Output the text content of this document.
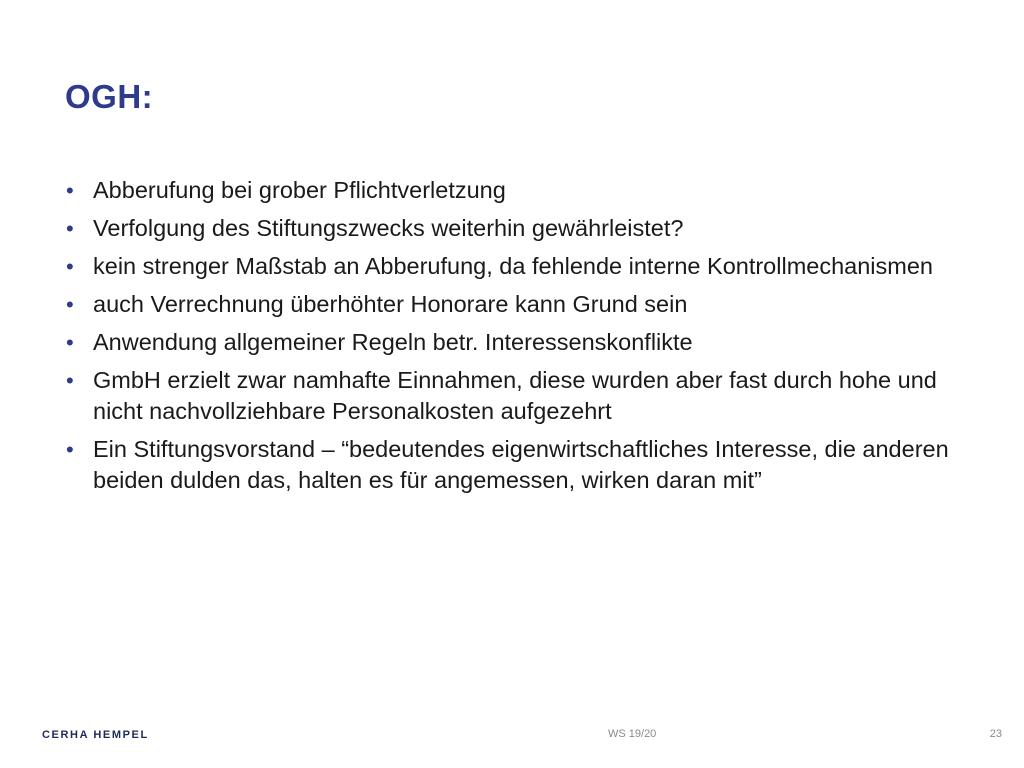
OGH:
• Abberufung bei grober Pflichtverletzung
• Verfolgung des Stiftungszwecks weiterhin gewährleistet?
• kein strenger Maßstab an Abberufung, da fehlende interne Kontrollmechanismen
• auch Verrechnung überhöhter Honorare kann Grund sein
• Anwendung allgemeiner Regeln betr. Interessenskonflikte
• GmbH erzielt zwar namhafte Einnahmen, diese wurden aber fast durch hohe und nicht nachvollziehbare Personalkosten aufgezehrt
• Ein Stiftungsvorstand – “bedeutendes eigenwirtschaftliches Interesse, die anderen beiden dulden das, halten es für angemessen, wirken daran mit”
CERHA HEMPEL	WS 19/20	23
